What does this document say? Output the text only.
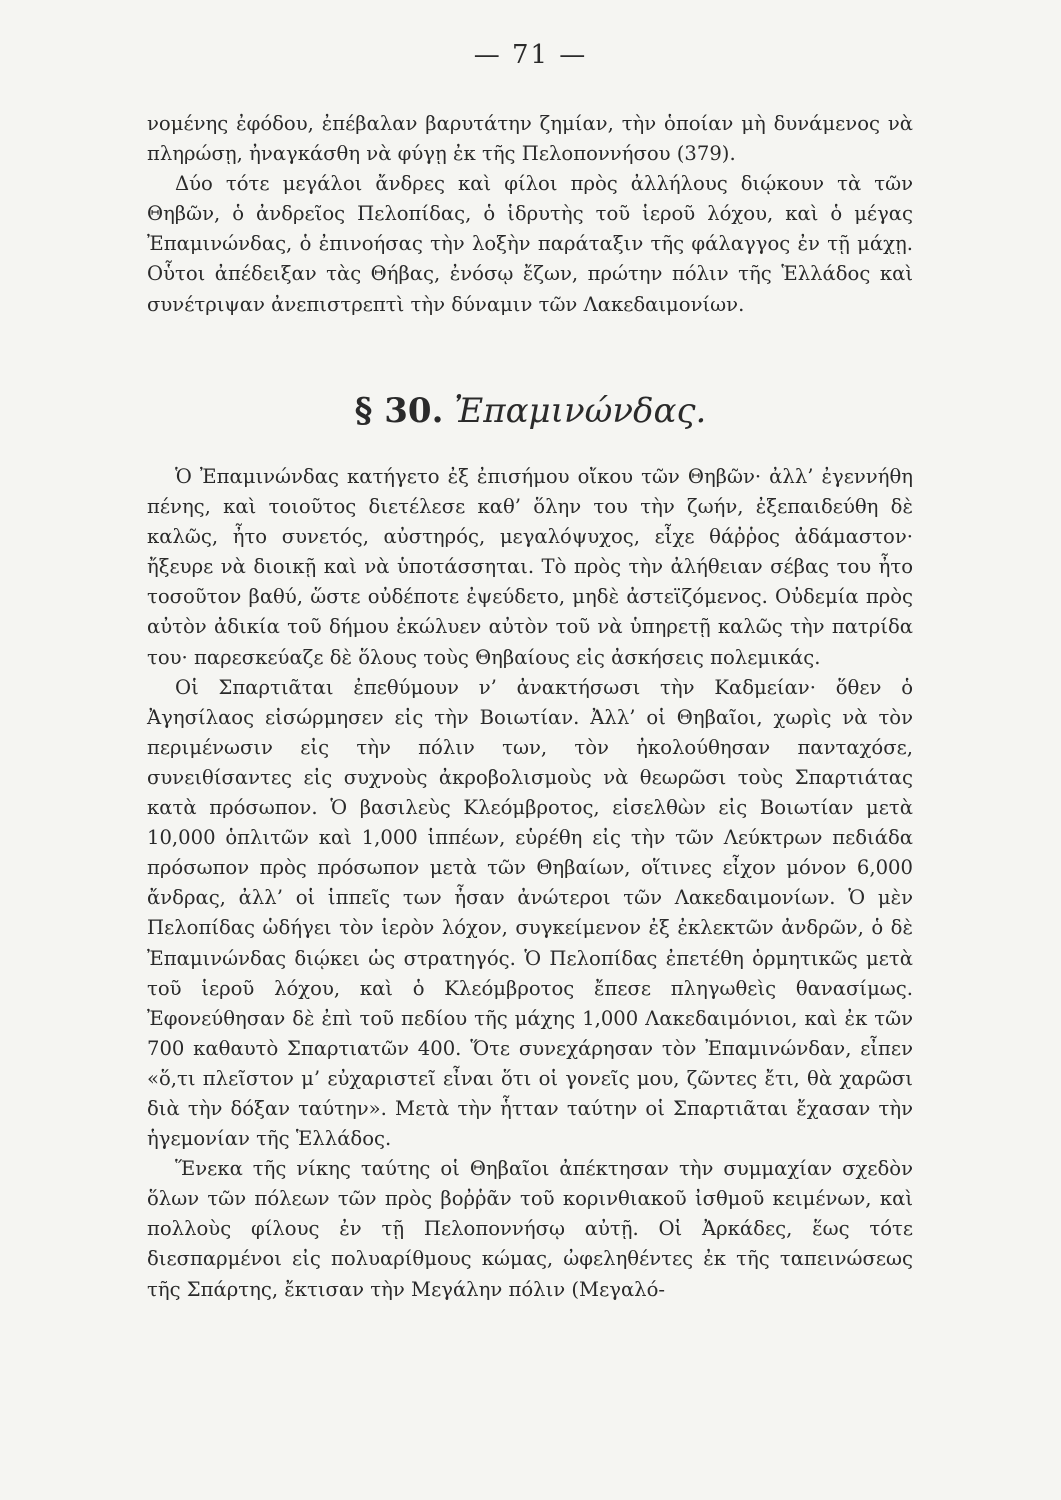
— 71 —

νομένης ἐφόδου, ἐπέβαλαν βαρυτάτην ζημίαν, τὴν ὁποίαν μὴ δυνάμενος νὰ πληρώσῃ, ἠναγκάσθη νὰ φύγῃ ἐκ τῆς Πελοποννήσου (379).

Δύο τότε μεγάλοι ἄνδρες καὶ φίλοι πρὸς ἀλλήλους διῴκουν τὰ τῶν Θηβῶν, ὁ ἀνδρεῖος Πελοπίδας, ὁ ἱδρυτὴς τοῦ ἱεροῦ λόχου, καὶ ὁ μέγας Ἐπαμινώνδας, ὁ ἐπινοήσας τὴν λοξὴν παράταξιν τῆς φάλαγγος ἐν τῇ μάχῃ. Οὗτοι ἀπέδειξαν τὰς Θήβας, ἐνόσῳ ἔζων, πρώτην πόλιν τῆς Ἑλλάδος καὶ συνέτριψαν ἀνεπιστρεπτὶ τὴν δύναμιν τῶν Λακεδαιμονίων.

§ 30. Ἐπαμινώνδας.

Ὁ Ἐπαμινώνδας κατήγετο ἐξ ἐπισήμου οἴκου τῶν Θηβῶν· ἀλλ’ ἐγεννήθη πένης, καὶ τοιοῦτος διετέλεσε καθ’ ὅλην του τὴν ζωήν, ἐξεπαιδεύθη δὲ καλῶς, ἦτο συνετός, αὐστηρός, μεγαλόψυχος, εἶχε θάῤῥος ἀδάμαστον· ἤξευρε νὰ διοικῇ καὶ νὰ ὑποτάσσηται. Τὸ πρὸς τὴν ἀλήθειαν σέβας του ἦτο τοσοῦτον βαθύ, ὥστε οὐδέποτε ἐψεύδετο, μηδὲ ἀστεϊζόμενος. Οὐδεμία πρὸς αὐτὸν ἀδικία τοῦ δήμου ἐκώλυεν αὐτὸν τοῦ νὰ ὑπηρετῇ καλῶς τὴν πατρίδα του· παρεσκεύαζε δὲ ὅλους τοὺς Θηβαίους εἰς ἀσκήσεις πολεμικάς.

Οἱ Σπαρτιᾶται ἐπεθύμουν ν’ ἀνακτήσωσι τὴν Καδμείαν· ὅθεν ὁ Ἀγησίλαος εἰσώρμησεν εἰς τὴν Βοιωτίαν. Ἀλλ’ οἱ Θηβαῖοι, χωρὶς νὰ τὸν περιμένωσιν εἰς τὴν πόλιν των, τὸν ἠκολούθησαν πανταχόσε, συνειθίσαντες εἰς συχνοὺς ἀκροβολισμοὺς νὰ θεωρῶσι τοὺς Σπαρτιάτας κατὰ πρόσωπον. Ὁ βασιλεὺς Κλεόμβροτος, εἰσελθὼν εἰς Βοιωτίαν μετὰ 10,000 ὁπλιτῶν καὶ 1,000 ἱππέων, εὑρέθη εἰς τὴν τῶν Λεύκτρων πεδιάδα πρόσωπον πρὸς πρόσωπον μετὰ τῶν Θηβαίων, οἵτινες εἶχον μόνον 6,000 ἄνδρας, ἀλλ’ οἱ ἱππεῖς των ἦσαν ἀνώτεροι τῶν Λακεδαιμονίων. Ὁ μὲν Πελοπίδας ὡδήγει τὸν ἱερὸν λόχον, συγκείμενον ἐξ ἐκλεκτῶν ἀνδρῶν, ὁ δὲ Ἐπαμινώνδας διῴκει ὡς στρατηγός. Ὁ Πελοπίδας ἐπετέθη ὁρμητικῶς μετὰ τοῦ ἱεροῦ λόχου, καὶ ὁ Κλεόμβροτος ἔπεσε πληγωθεὶς θανασίμως. Ἐφονεύθησαν δὲ ἐπὶ τοῦ πεδίου τῆς μάχης 1,000 Λακεδαιμόνιοι, καὶ ἐκ τῶν 700 καθαυτὸ Σπαρτιατῶν 400. Ὅτε συνεχάρησαν τὸν Ἐπαμινώνδαν, εἶπεν «ὅ,τι πλεῖστον μ’ εὐχαριστεῖ εἶναι ὅτι οἱ γονεῖς μου, ζῶντες ἔτι, θὰ χαρῶσι διὰ τὴν δόξαν ταύτην». Μετὰ τὴν ἧτταν ταύτην οἱ Σπαρτιᾶται ἔχασαν τὴν ἡγεμονίαν τῆς Ἑλλάδος.

Ἕνεκα τῆς νίκης ταύτης οἱ Θηβαῖοι ἀπέκτησαν τὴν συμμαχίαν σχεδὸν ὅλων τῶν πόλεων τῶν πρὸς βοῤῥᾶν τοῦ κορινθιακοῦ ἰσθμοῦ κειμένων, καὶ πολλοὺς φίλους ἐν τῇ Πελοποννήσῳ αὐτῇ. Οἱ Ἀρκάδες, ἕως τότε διεσπαρμένοι εἰς πολυαρίθμους κώμας, ὠφεληθέντες ἐκ τῆς ταπεινώσεως τῆς Σπάρτης, ἔκτισαν τὴν Μεγάλην πόλιν (Μεγαλό-
